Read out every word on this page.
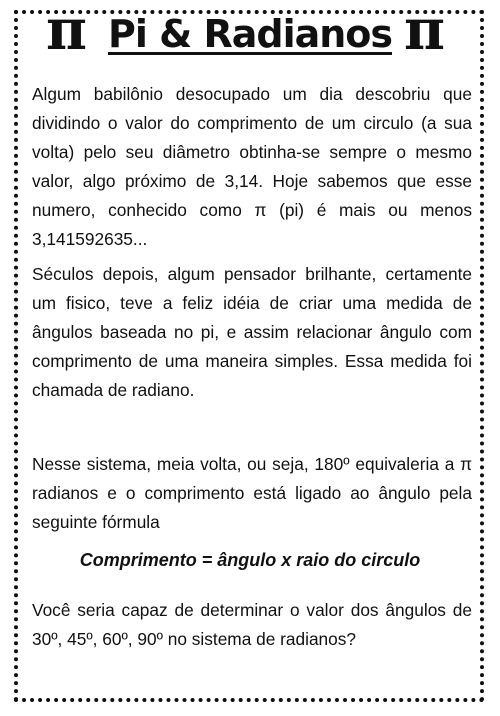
π Pi & Radianos π

Algum babilônio desocupado um dia descobriu que dividindo o valor do comprimento de um circulo (a sua volta) pelo seu diâmetro obtinha-se sempre o mesmo valor, algo próximo de 3,14. Hoje sabemos que esse numero, conhecido como π (pi) é mais ou menos 3,141592635...

Séculos depois, algum pensador brilhante, certamente um fisico, teve a feliz idéia de criar uma medida de ângulos baseada no pi, e assim relacionar ângulo com comprimento de uma maneira simples. Essa medida foi chamada de radiano.

Nesse sistema, meia volta, ou seja, 180º equivaleria a π radianos e o comprimento está ligado ao ângulo pela seguinte fórmula

Comprimento = ângulo x raio do circulo

Você seria capaz de determinar o valor dos ângulos de 30º, 45º, 60º, 90º no sistema de radianos?
